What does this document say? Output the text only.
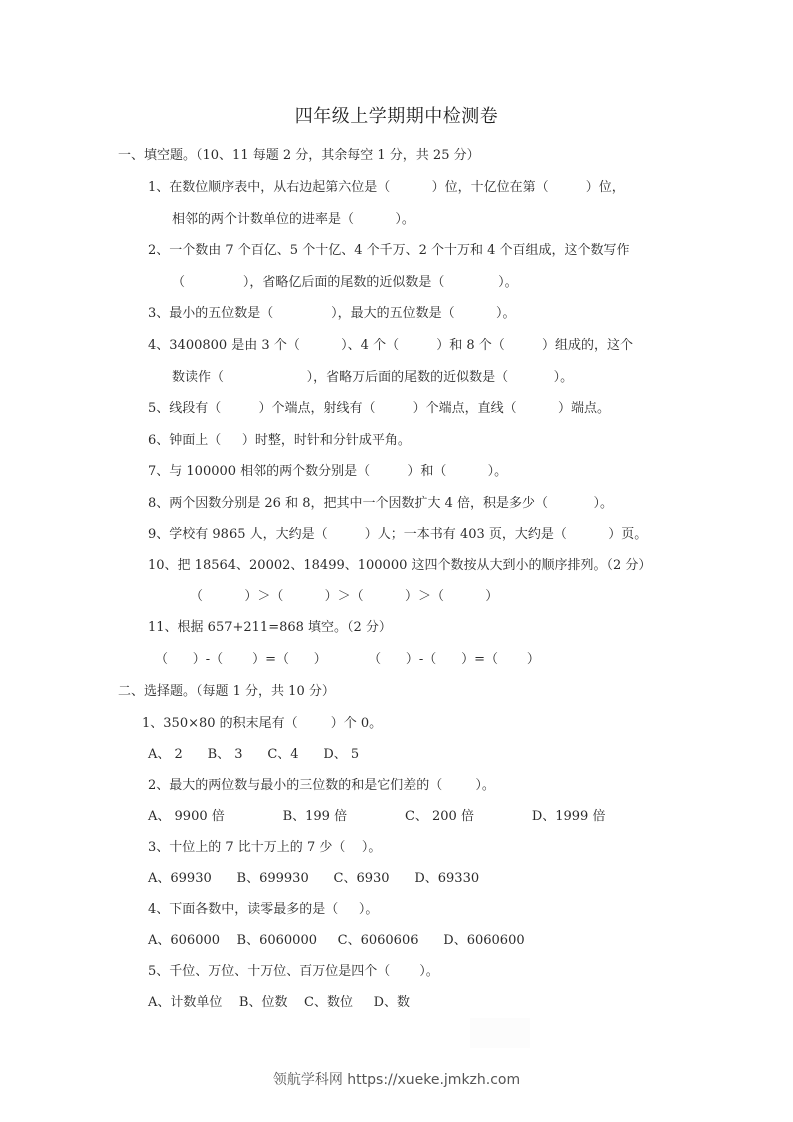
四年级上学期期中检测卷
一、填空题。（10、11 每题 2 分，其余每空 1 分，共 25 分）
1、在数位顺序表中，从右边起第六位是（          ）位，十亿位在第（         ）位，
相邻的两个计数单位的进率是（          ）。
2、一个数由 7 个百亿、5 个十亿、4 个千万、2 个十万和 4 个百组成，这个数写作
（              ），省略亿后面的尾数的近似数是（             ）。
3、最小的五位数是（              ），最大的五位数是（          ）。
4、3400800 是由 3 个（          ）、4 个（         ）和 8 个（         ）组成的，这个
数读作（                    ），省略万后面的尾数的近似数是（           ）。
5、线段有（         ）个端点，射线有（         ）个端点，直线（          ）端点。
6、钟面上（     ）时整，时针和分针成平角。
7、与 100000 相邻的两个数分别是（         ）和（          ）。
8、两个因数分别是 26 和 8，把其中一个因数扩大 4 倍，积是多少（           ）。
9、学校有 9865 人，大约是（         ）人；一本书有 403 页，大约是（          ）页。
10、把 18564、20002、18499、100000 这四个数按从大到小的顺序排列。（2 分）
（          ）＞（          ）＞（          ）＞（          ）
11、根据 657+211=868 填空。（2 分）
（      ）-（       ）=（      ）          （      ）-（      ）=（       ）
二、选择题。（每题 1 分，共 10 分）
1、350×80 的积末尾有（        ）个 0。
A、 2      B、 3      C、4      D、 5
2、最大的两位数与最小的三位数的和是它们差的（        ）。
A、 9900 倍              B、199 倍              C、 200 倍              D、1999 倍
3、十位上的 7 比十万上的 7 少（    ）。
A、69930      B、699930      C、6930      D、69330
4、下面各数中，读零最多的是（     ）。
A、606000    B、6060000     C、6060606      D、6060600
5、千位、万位、十万位、百万位是四个（       ）。
A、计数单位    B、位数    C、数位     D、数
领航学科网 https://xueke.jmkzh.com
